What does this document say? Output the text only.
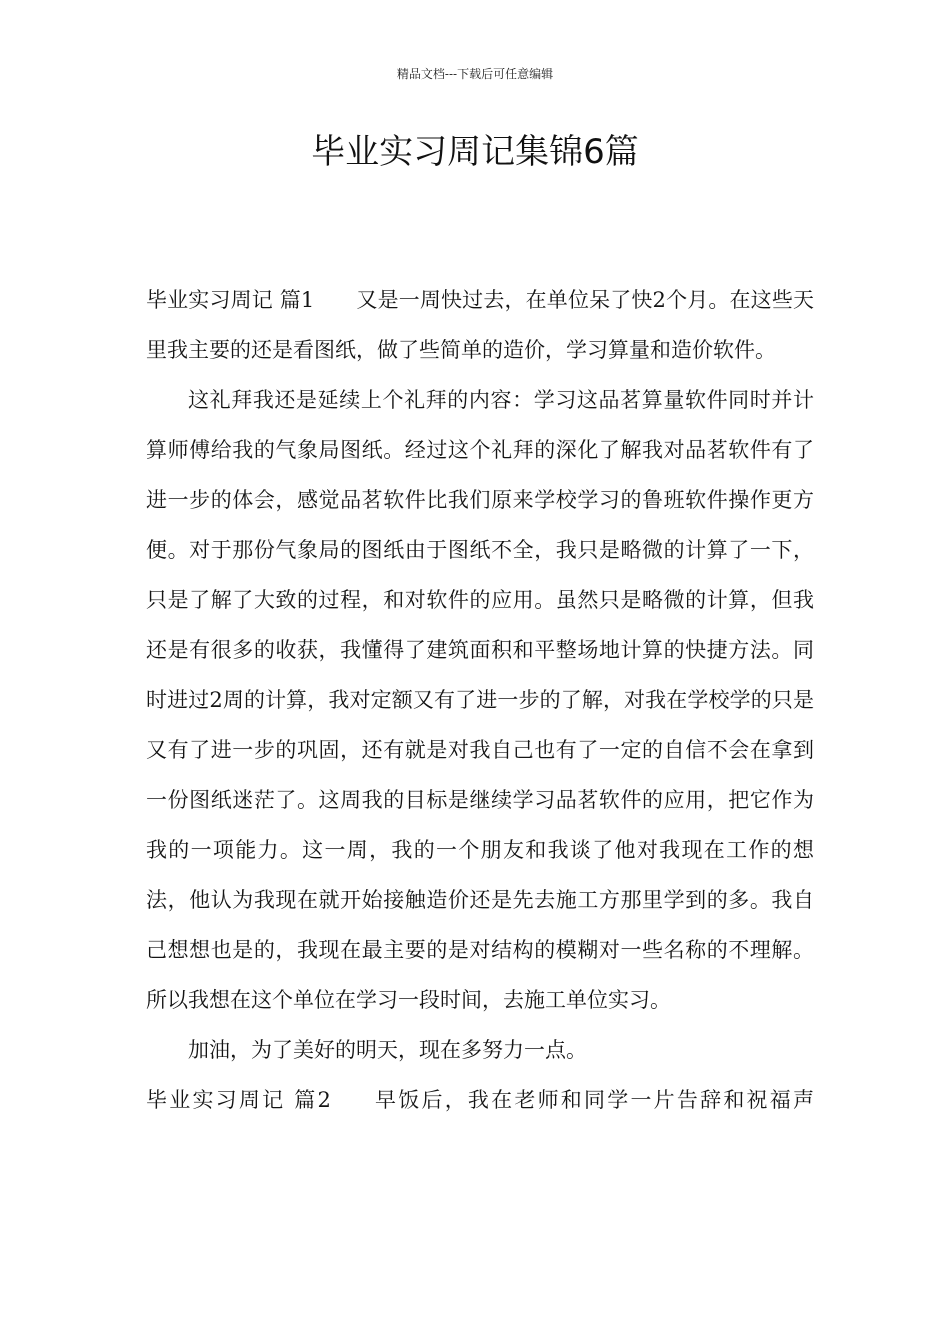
精品文档---下载后可任意编辑
毕业实习周记集锦6篇

毕业实习周记 篇1 又是一周快过去，在单位呆了快2个月。在这些天里我主要的还是看图纸，做了些简单的造价，学习算量和造价软件。

这礼拜我还是延续上个礼拜的内容：学习这品茗算量软件同时并计算师傅给我的气象局图纸。经过这个礼拜的深化了解我对品茗软件有了进一步的体会，感觉品茗软件比我们原来学校学习的鲁班软件操作更方便。对于那份气象局的图纸由于图纸不全，我只是略微的计算了一下，只是了解了大致的过程，和对软件的应用。虽然只是略微的计算，但我还是有很多的收获，我懂得了建筑面积和平整场地计算的快捷方法。同时进过2周的计算，我对定额又有了进一步的了解，对我在学校学的只是又有了进一步的巩固，还有就是对我自己也有了一定的自信不会在拿到一份图纸迷茫了。这周我的目标是继续学习品茗软件的应用，把它作为我的一项能力。这一周，我的一个朋友和我谈了他对我现在工作的想法，他认为我现在就开始接触造价还是先去施工方那里学到的多。我自己想想也是的，我现在最主要的是对结构的模糊对一些名称的不理解。所以我想在这个单位在学习一段时间，去施工单位实习。

加油，为了美好的明天，现在多努力一点。

毕业实习周记 篇2 早饭后，我在老师和同学一片告辞和祝福声
